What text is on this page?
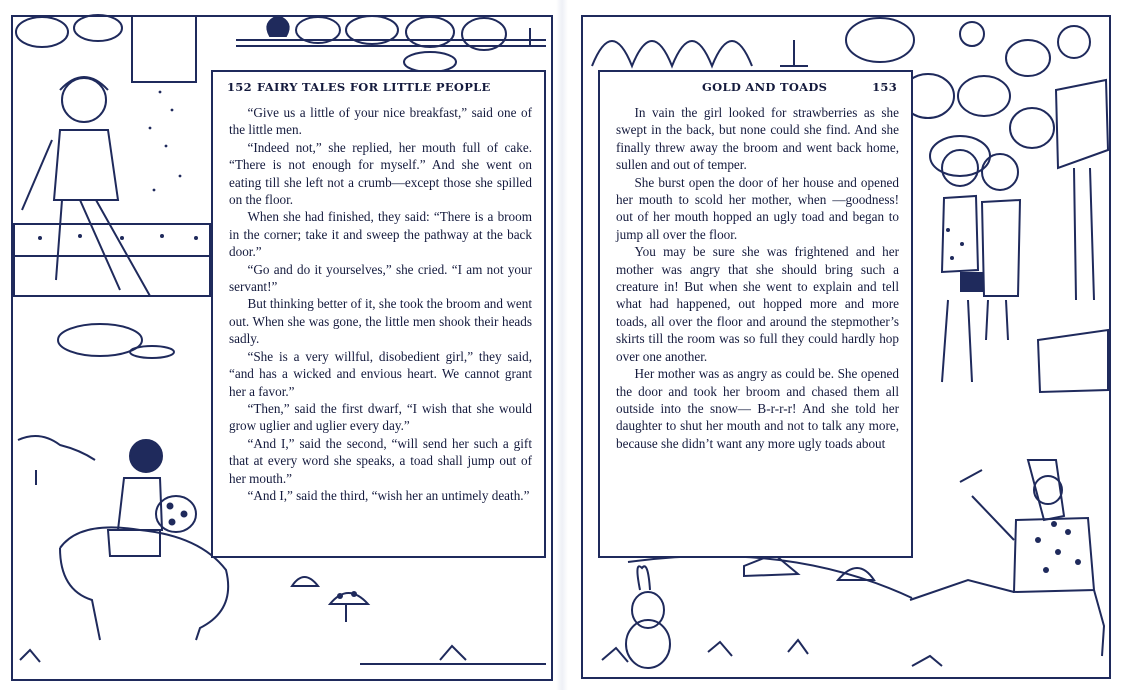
152 FAIRY TALES FOR LITTLE PEOPLE

“Give us a little of your nice breakfast,” said one of the little men.

“Indeed not,” she replied, her mouth full of cake. “There is not enough for myself.” And she went on eating till she left not a crumb—except those she spilled on the floor.

When she had finished, they said: “There is a broom in the corner; take it and sweep the pathway at the back door.”

“Go and do it yourselves,” she cried. “I am not your servant!”

But thinking better of it, she took the broom and went out. When she was gone, the little men shook their heads sadly.

“She is a very willful, disobedient girl,” they said, “and has a wicked and envious heart. We cannot grant her a favor.”

“Then,” said the first dwarf, “I wish that she would grow uglier and uglier every day.”

“And I,” said the second, “will send her such a gift that at every word she speaks, a toad shall jump out of her mouth.”

“And I,” said the third, “wish her an untimely death.”

GOLD AND TOADS	153

In vain the girl looked for strawberries as she swept in the back, but none could she find. And she finally threw away the broom and went back home, sullen and out of temper.

She burst open the door of her house and opened her mouth to scold her mother, when —goodness! out of her mouth hopped an ugly toad and began to jump all over the floor.

You may be sure she was frightened and her mother was angry that she should bring such a creature in! But when she went to explain and tell what had happened, out hopped more and more toads, all over the floor and around the stepmother’s skirts till the room was so full they could hardly hop over one another.

Her mother was as angry as could be. She opened the door and took her broom and chased them all outside into the snow— B-r-r-r! And she told her daughter to shut her mouth and not to talk any more, because she didn’t want any more ugly toads about
